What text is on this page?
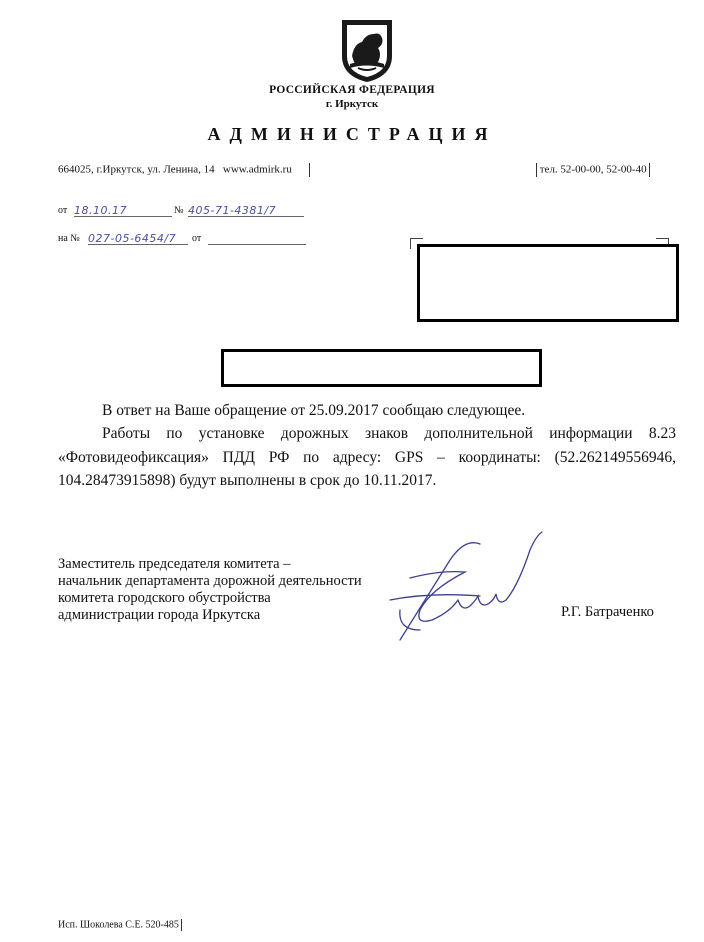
РОССИЙСКАЯ ФЕДЕРАЦИЯ
г. Иркутск
АДМИНИСТРАЦИЯ
664025, г.Иркутск, ул. Ленина, 14 www.admirk.ru	тел. 52-00-00, 52-00-40
от 18.10.17	№ 405-71-4381/7
на № 027-05-6454/7	от
В ответ на Ваше обращение от 25.09.2017 сообщаю следующее.
Работы по установке дорожных знаков дополнительной информации 8.23 «Фотовидеофиксация» ПДД РФ по адресу: GPS – координаты: (52.262149556946, 104.28473915898) будут выполнены в срок до 10.11.2017.
Заместитель председателя комитета –
начальник департамента дорожной деятельности
комитета городского обустройства
администрации города Иркутска	Р.Г. Батраченко
Исп. Шоколева С.Е. 520-485
